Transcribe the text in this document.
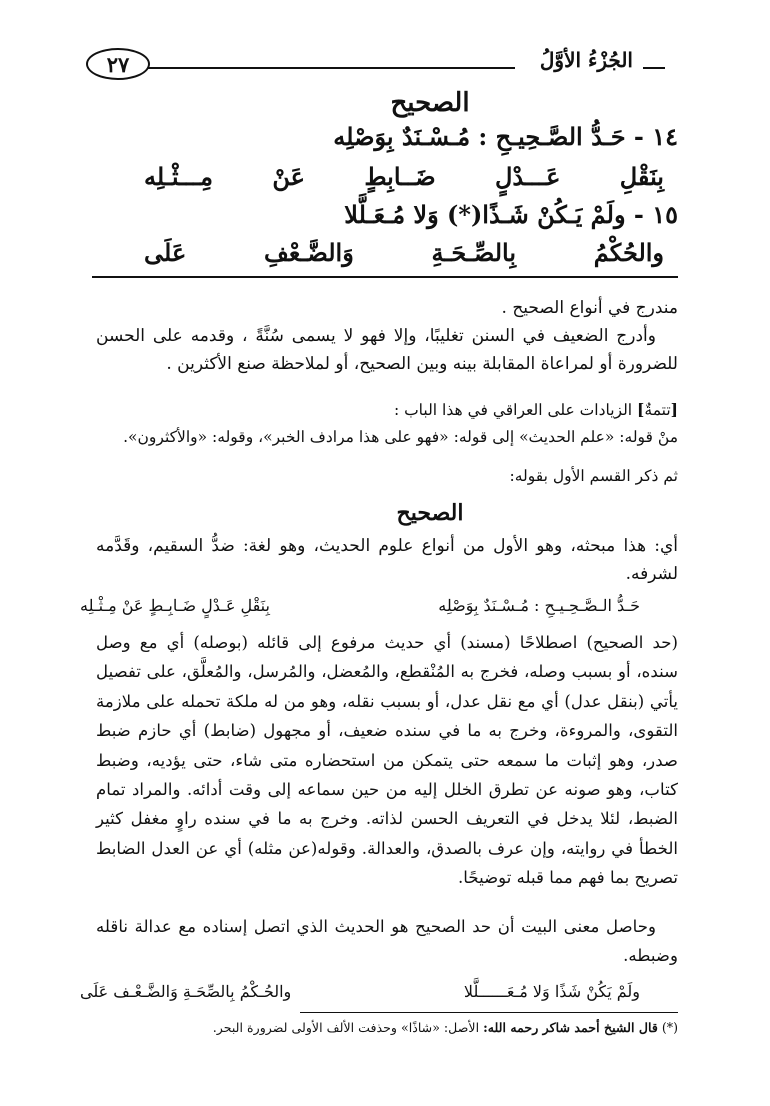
الجُزْءُ الأوَّلُ
٢٧
الصحيح
١٤ - حَـدُّ الصَّـحِيـحِ : مُـسْـنَدٌ بِوَصْلِه
بِنَقْلِ عَـــدْلٍ ضَــابِطٍ عَنْ مِـــثْـلِه
١٥ - ولَمْ يَـكُنْ شَـذًا(*) وَلا مُـعَـلَّلا
والحُكْمُ بِالصِّـحَـةِ وَالضَّـعْفِ عَلَى
مندرج في أنواع الصحيح .
وأدرج الضعيف في السنن تغليبًا، وإلا فهو لا يسمى سُنَّةً ، وقدمه على الحسن للضرورة أو لمراعاة المقابلة بينه وبين الصحيح، أو لملاحظة صنع الأكثرين .
[تتمةٌ] الزيادات على العراقي في هذا الباب :
منْ قوله: «علم الحديث» إلى قوله: «فهو على هذا مرادف الخبر»، وقوله: «والأكثرون».
ثم ذكر القسم الأول بقوله:
الصحيح
أي: هذا مبحثه، وهو الأول من أنواع علوم الحديث، وهو لغة: ضدُّ السقيم، وقَدَّمه لشرفه.
حَـدُّ الـصَّـحِـيـحِ : مُـسْـنَدٌ بِوَصْلِه
بِنَقْلِ عَـدْلٍ ضَـابِـطٍ عَنْ مِـثْـلِه
(حد الصحيح) اصطلاحًا (مسند) أي حديث مرفوع إلى قائله (بوصله) أي مع وصل سنده، أو بسبب وصله، فخرج به المُنْقطع، والمُعضل، والمُرسل، والمُعلَّق، على تفصيل يأتي (بنقل عدل) أي مع نقل عدل، أو بسبب نقله، وهو من له ملكة تحمله على ملازمة التقوى، والمروءة، وخرج به ما في سنده ضعيف، أو مجهول (ضابط) أي حازم ضبط صدر، وهو إثبات ما سمعه حتى يتمكن من استحضاره متى شاء، حتى يؤديه، وضبط كتاب، وهو صونه عن تطرق الخلل إليه من حين سماعه إلى وقت أدائه. والمراد تمام الضبط، لئلا يدخل في التعريف الحسن لذاته. وخرج به ما في سنده راوٍ مغفل كثير الخطأ في روايته، وإن عرف بالصدق، والعدالة. وقوله(عن مثله) أي عن العدل الضابط تصريح بما فهم مما قبله توضيحًا.
وحاصل معنى البيت أن حد الصحيح هو الحديث الذي اتصل إسناده مع عدالة ناقله وضبطه.
ولَمْ يَكُنْ شَذًا وَلا مُـعَــــــلَّلا
والحُـكْمُ بِالصِّحَـةِ وَالضَّـعْـف عَلَى
(*) قال الشيخ أحمد شاكر رحمه الله: الأصل: «شاذًا» وحذفت الألف الأولى لضرورة البحر.
